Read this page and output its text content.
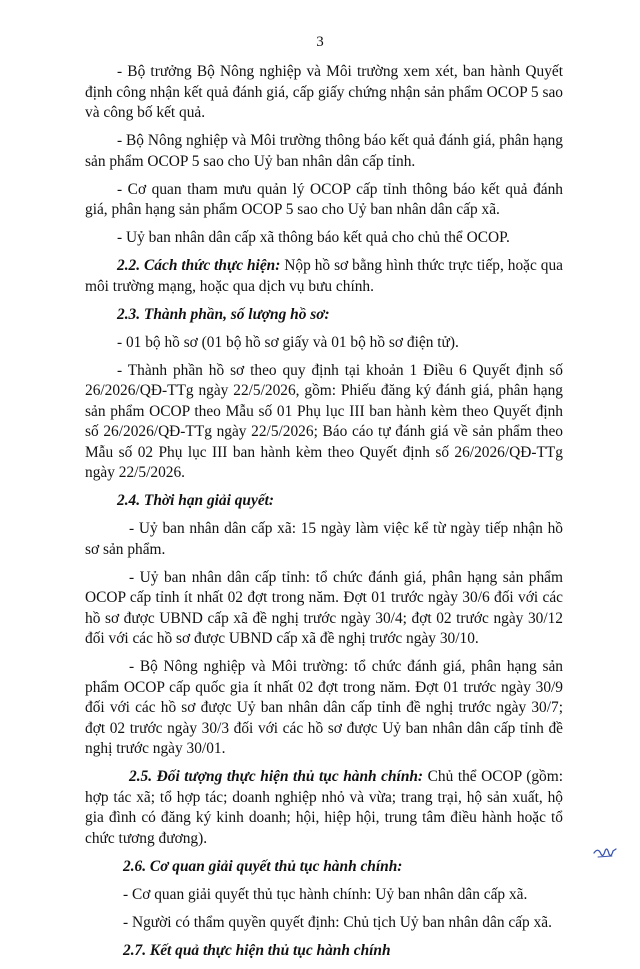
3

- Bộ trưởng Bộ Nông nghiệp và Môi trường xem xét, ban hành Quyết định công nhận kết quả đánh giá, cấp giấy chứng nhận sản phẩm OCOP 5 sao và công bố kết quả.

- Bộ Nông nghiệp và Môi trường thông báo kết quả đánh giá, phân hạng sản phẩm OCOP 5 sao cho Uỷ ban nhân dân cấp tỉnh.

- Cơ quan tham mưu quản lý OCOP cấp tỉnh thông báo kết quả đánh giá, phân hạng sản phẩm OCOP 5 sao cho Uỷ ban nhân dân cấp xã.

- Uỷ ban nhân dân cấp xã thông báo kết quả cho chủ thể OCOP.

2.2. Cách thức thực hiện: Nộp hồ sơ bằng hình thức trực tiếp, hoặc qua môi trường mạng, hoặc qua dịch vụ bưu chính.

2.3. Thành phần, số lượng hồ sơ:

- 01 bộ hồ sơ (01 bộ hồ sơ giấy và 01 bộ hồ sơ điện tử).

- Thành phần hồ sơ theo quy định tại khoản 1 Điều 6 Quyết định số 26/2026/QĐ-TTg ngày 22/5/2026, gồm: Phiếu đăng ký đánh giá, phân hạng sản phẩm OCOP theo Mẫu số 01 Phụ lục III ban hành kèm theo Quyết định số 26/2026/QĐ-TTg ngày 22/5/2026; Báo cáo tự đánh giá về sản phẩm theo Mẫu số 02 Phụ lục III ban hành kèm theo Quyết định số 26/2026/QĐ-TTg ngày 22/5/2026.

2.4. Thời hạn giải quyết:

- Uỷ ban nhân dân cấp xã: 15 ngày làm việc kể từ ngày tiếp nhận hồ sơ sản phẩm.

- Uỷ ban nhân dân cấp tỉnh: tổ chức đánh giá, phân hạng sản phẩm OCOP cấp tỉnh ít nhất 02 đợt trong năm. Đợt 01 trước ngày 30/6 đối với các hồ sơ được UBND cấp xã đề nghị trước ngày 30/4; đợt 02 trước ngày 30/12 đối với các hồ sơ được UBND cấp xã đề nghị trước ngày 30/10.

- Bộ Nông nghiệp và Môi trường: tổ chức đánh giá, phân hạng sản phẩm OCOP cấp quốc gia ít nhất 02 đợt trong năm. Đợt 01 trước ngày 30/9 đối với các hồ sơ được Uỷ ban nhân dân cấp tỉnh đề nghị trước ngày 30/7; đợt 02 trước ngày 30/3 đối với các hồ sơ được Uỷ ban nhân dân cấp tỉnh đề nghị trước ngày 30/01.

2.5. Đối tượng thực hiện thủ tục hành chính: Chủ thể OCOP (gồm: hợp tác xã; tổ hợp tác; doanh nghiệp nhỏ và vừa; trang trại, hộ sản xuất, hộ gia đình có đăng ký kinh doanh; hội, hiệp hội, trung tâm điều hành hoặc tổ chức tương đương).

2.6. Cơ quan giải quyết thủ tục hành chính:

- Cơ quan giải quyết thủ tục hành chính: Uỷ ban nhân dân cấp xã.

- Người có thẩm quyền quyết định: Chủ tịch Uỷ ban nhân dân cấp xã.

2.7. Kết quả thực hiện thủ tục hành chính
